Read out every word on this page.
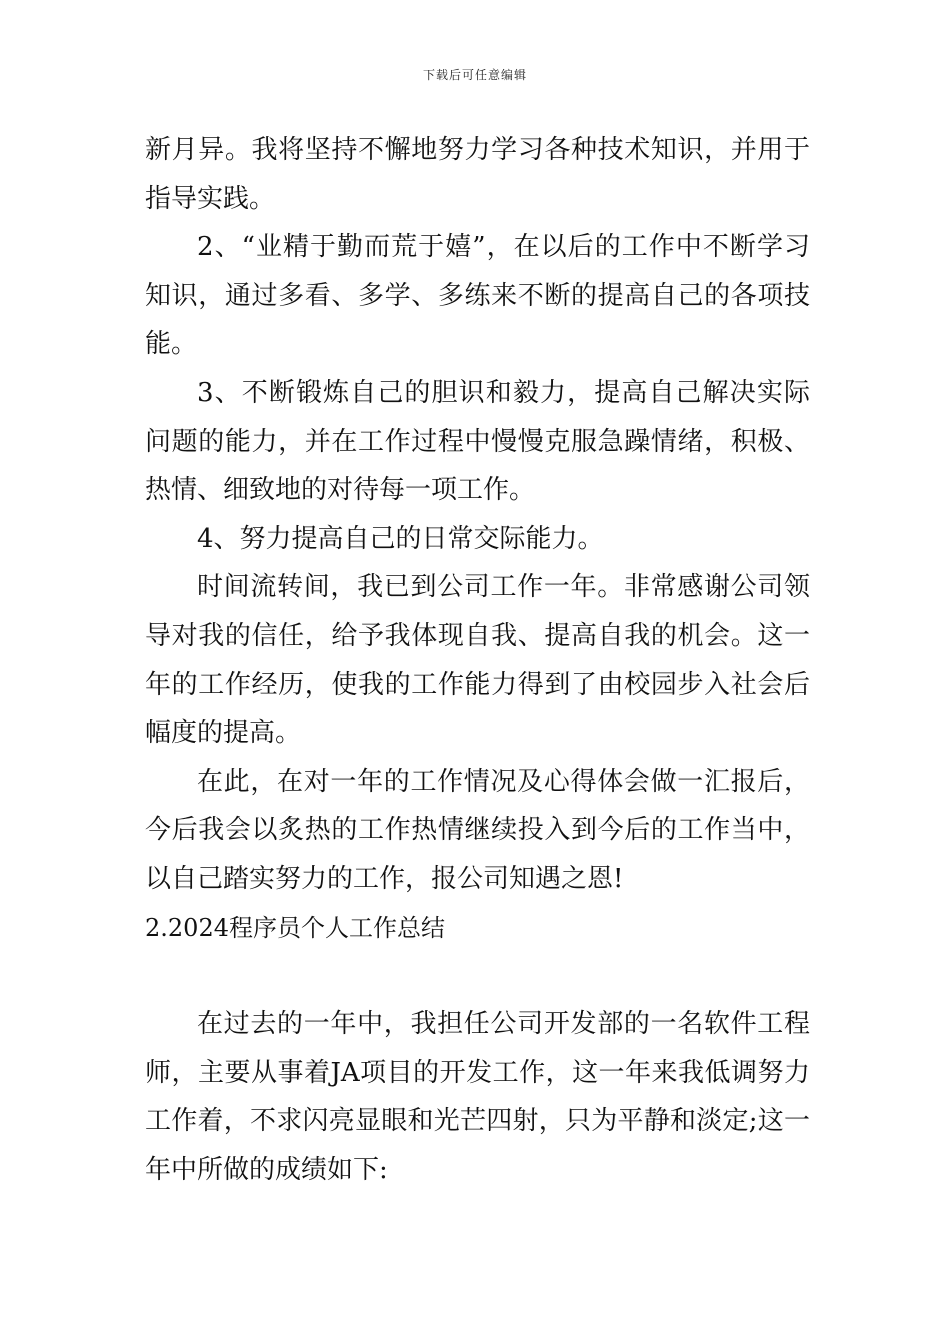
下载后可任意编辑

新月异。我将坚持不懈地努力学习各种技术知识，并用于指导实践。

2、“业精于勤而荒于嬉”，在以后的工作中不断学习知识，通过多看、多学、多练来不断的提高自己的各项技能。

3、不断锻炼自己的胆识和毅力，提高自己解决实际问题的能力，并在工作过程中慢慢克服急躁情绪，积极、热情、细致地的对待每一项工作。

4、努力提高自己的日常交际能力。

时间流转间，我已到公司工作一年。非常感谢公司领导对我的信任，给予我体现自我、提高自我的机会。这一年的工作经历，使我的工作能力得到了由校园步入社会后幅度的提高。

在此，在对一年的工作情况及心得体会做一汇报后，今后我会以炙热的工作热情继续投入到今后的工作当中，以自己踏实努力的工作，报公司知遇之恩!

2.2024程序员个人工作总结

在过去的一年中，我担任公司开发部的一名软件工程师，主要从事着JA项目的开发工作，这一年来我低调努力工作着，不求闪亮显眼和光芒四射，只为平静和淡定;这一年中所做的成绩如下:
